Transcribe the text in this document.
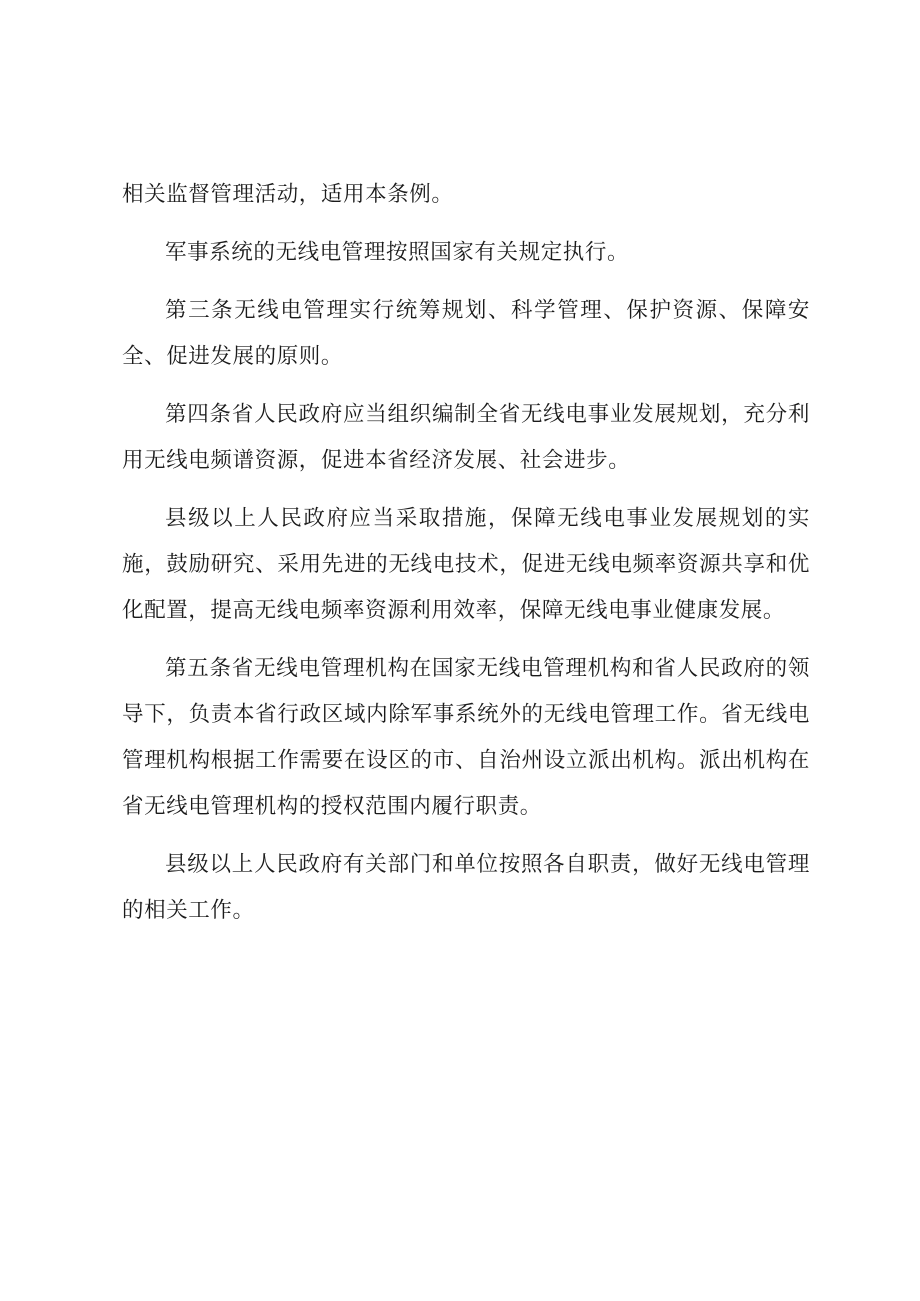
相关监督管理活动，适用本条例。

军事系统的无线电管理按照国家有关规定执行。

第三条无线电管理实行统筹规划、科学管理、保护资源、保障安全、促进发展的原则。

第四条省人民政府应当组织编制全省无线电事业发展规划，充分利用无线电频谱资源，促进本省经济发展、社会进步。

县级以上人民政府应当采取措施，保障无线电事业发展规划的实施，鼓励研究、采用先进的无线电技术，促进无线电频率资源共享和优化配置，提高无线电频率资源利用效率，保障无线电事业健康发展。

第五条省无线电管理机构在国家无线电管理机构和省人民政府的领导下，负责本省行政区域内除军事系统外的无线电管理工作。省无线电管理机构根据工作需要在设区的市、自治州设立派出机构。派出机构在省无线电管理机构的授权范围内履行职责。

县级以上人民政府有关部门和单位按照各自职责，做好无线电管理的相关工作。
